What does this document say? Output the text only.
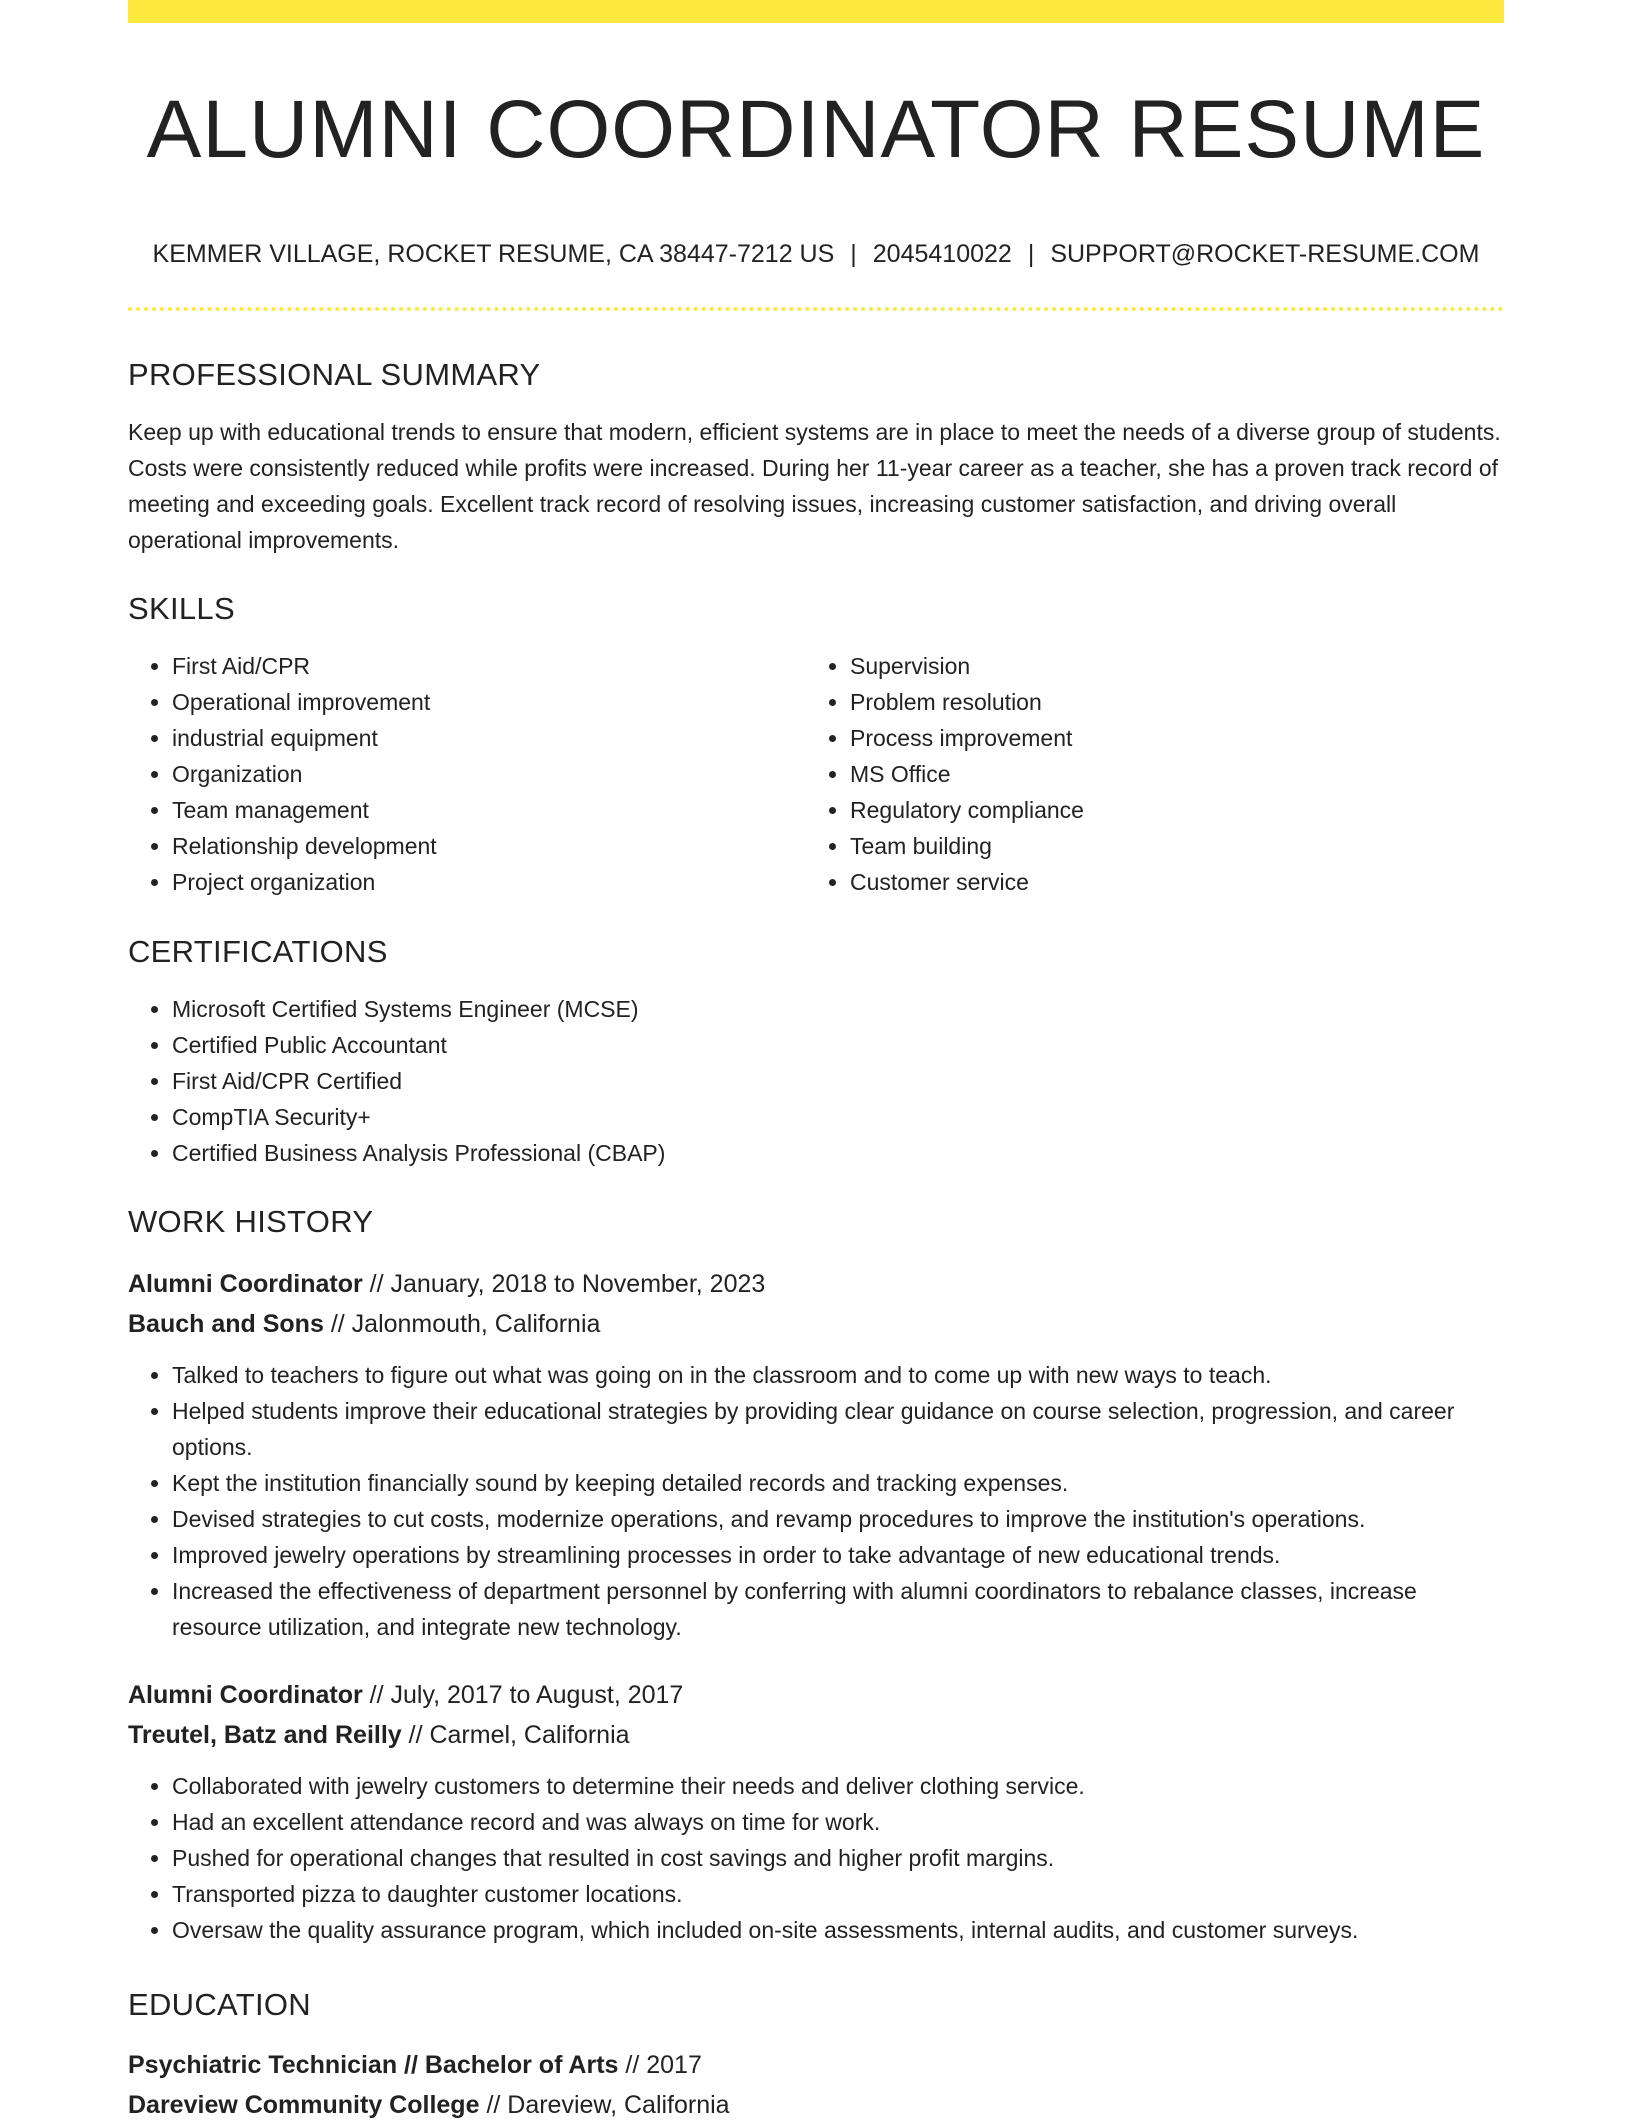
ALUMNI COORDINATOR RESUME
KEMMER VILLAGE, ROCKET RESUME, CA 38447-7212 US | 2045410022 | SUPPORT@ROCKET-RESUME.COM
PROFESSIONAL SUMMARY

Keep up with educational trends to ensure that modern, efficient systems are in place to meet the needs of a diverse group of students. Costs were consistently reduced while profits were increased. During her 11-year career as a teacher, she has a proven track record of meeting and exceeding goals. Excellent track record of resolving issues, increasing customer satisfaction, and driving overall operational improvements.

SKILLS
• First Aid/CPR
• Operational improvement
• industrial equipment
• Organization
• Team management
• Relationship development
• Project organization
• Supervision
• Problem resolution
• Process improvement
• MS Office
• Regulatory compliance
• Team building
• Customer service
CERTIFICATIONS
• Microsoft Certified Systems Engineer (MCSE)
• Certified Public Accountant
• First Aid/CPR Certified
• CompTIA Security+
• Certified Business Analysis Professional (CBAP)
WORK HISTORY

Alumni Coordinator // January, 2018 to November, 2023

Bauch and Sons // Jalonmouth, California

• Talked to teachers to figure out what was going on in the classroom and to come up with new ways to teach.
• Helped students improve their educational strategies by providing clear guidance on course selection, progression, and career options.
• Kept the institution financially sound by keeping detailed records and tracking expenses.
• Devised strategies to cut costs, modernize operations, and revamp procedures to improve the institution's operations.
• Improved jewelry operations by streamlining processes in order to take advantage of new educational trends.
• Increased the effectiveness of department personnel by conferring with alumni coordinators to rebalance classes, increase resource utilization, and integrate new technology.

Alumni Coordinator // July, 2017 to August, 2017

Treutel, Batz and Reilly // Carmel, California

• Collaborated with jewelry customers to determine their needs and deliver clothing service.
• Had an excellent attendance record and was always on time for work.
• Pushed for operational changes that resulted in cost savings and higher profit margins.
• Transported pizza to daughter customer locations.
• Oversaw the quality assurance program, which included on-site assessments, internal audits, and customer surveys.
EDUCATION

Psychiatric Technician // Bachelor of Arts // 2017

Dareview Community College // Dareview, California
